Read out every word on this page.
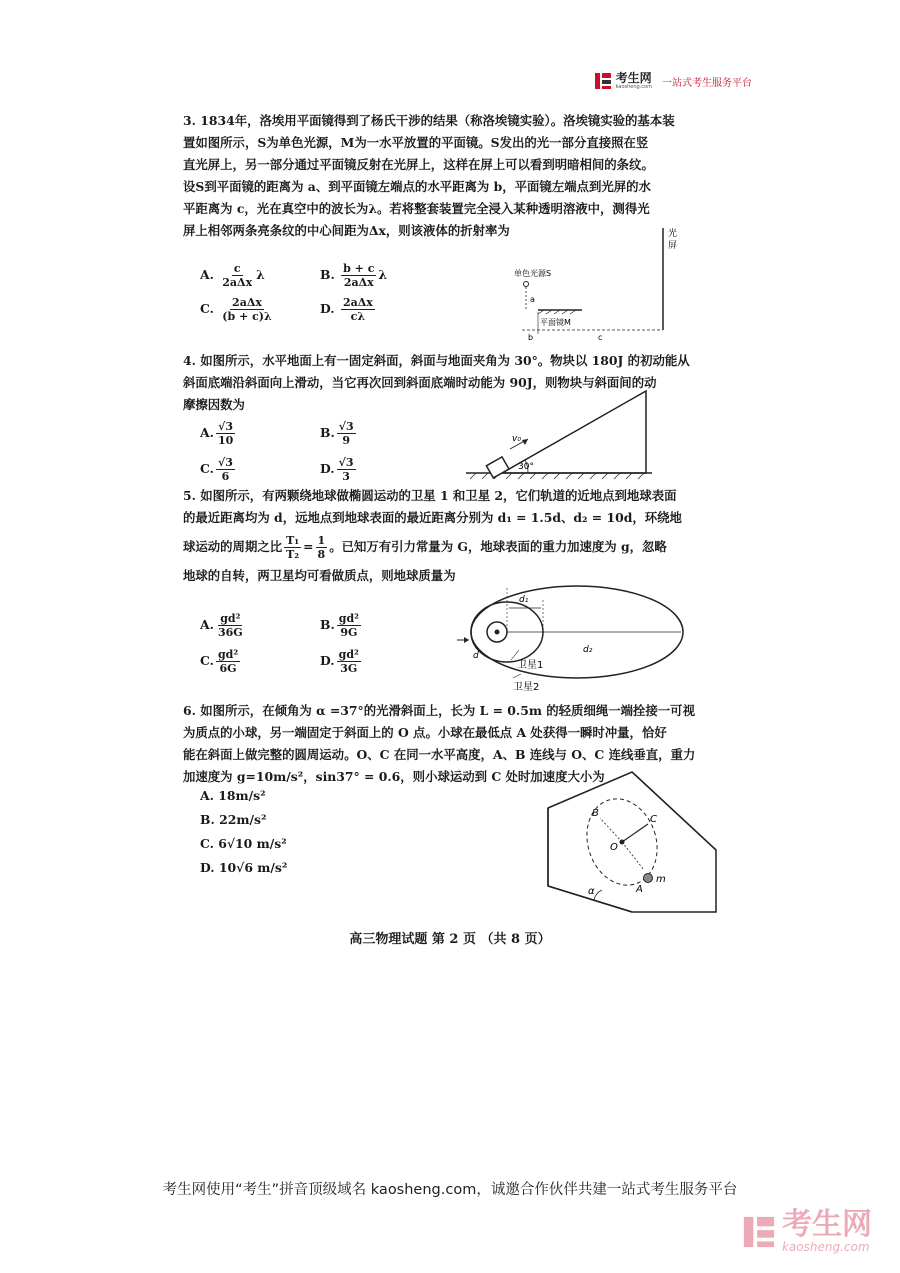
考生网
kaosheng.com 一站式考生服务平台

3. 1834年，洛埃用平面镜得到了杨氏干涉的结果（称洛埃镜实验）。洛埃镜实验的基本装

置如图所示，S为单色光源，M为一水平放置的平面镜。S发出的光一部分直接照在竖

直光屏上，另一部分通过平面镜反射在光屏上，这样在屏上可以看到明暗相间的条纹。

设S到平面镜的距离为 a、到平面镜左端点的水平距离为 b，平面镜左端点到光屏的水

平距离为 c，光在真空中的波长为λ。若将整套装置完全浸入某种透明溶液中，测得光

屏上相邻两条亮条纹的中心间距为Δx，则该液体的折射率为

A. $\frac{c}{\text{2aΔx}}$ λ	B. $\frac{b + c}{\text{2aΔx}}$ λ
C. $\frac{\text{2aΔx}}{(b + c)\lambda}$	D. $\frac{\text{2aΔx}}{c\lambda}$
光
屏
单色光源S
a
平面镜M
b	c

4. 如图所示，水平地面上有一固定斜面，斜面与地面夹角为 30°。物块以 180J 的初动能从

斜面底端沿斜面向上滑动，当它再次回到斜面底端时动能为 90J，则物块与斜面间的动

摩擦因数为

A. $\frac{√3}{10}$	B. $\frac{√3}{9}$
C. $\frac{√3}{6}$	D. $\frac{√3}{3}$
v₀
30°

5. 如图所示，有两颗绕地球做椭圆运动的卫星 1 和卫星 2，它们轨道的近地点到地球表面

的最近距离均为 d，远地点到地球表面的最近距离分别为 d₁ = 1.5d、d₂ = 10d，环绕地

球运动的周期之比 $\frac{\text{T₁}}{\text{T₂}} = \frac{1}{8}$ 。已知万有引力常量为 G，地球表面的重力加速度为 g，忽略

地球的自转，两卫星均可看做质点，则地球质量为

A. $\frac{\text{gd²}}{36G}$	B. $\frac{\text{gd²}}{9G}$
C. $\frac{\text{gd²}}{6G}$	D. $\frac{\text{gd²}}{3G}$
d₁
d₂
d
卫星1
卫星2

6. 如图所示，在倾角为 α =37°的光滑斜面上，长为 L = 0.5m 的轻质细绳一端拴接一可视

为质点的小球，另一端固定于斜面上的 O 点。小球在最低点 A 处获得一瞬时冲量，恰好

能在斜面上做完整的圆周运动。O、C 在同一水平高度，A、B 连线与 O、C 连线垂直，重力

加速度为 g=10m/s²，sin37° = 0.6，则小球运动到 C 处时加速度大小为

A. 18m/s²
B. 22m/s²
C. 6√10 m/s²
D. 10√6 m/s²
B
C
O
A
m
α
高三物理试题 第 2 页 （共 8 页）
考生网使用“考生”拼音顶级域名 kaosheng.com，诚邀合作伙伴共建一站式考生服务平台
考生网
kaosheng.com
